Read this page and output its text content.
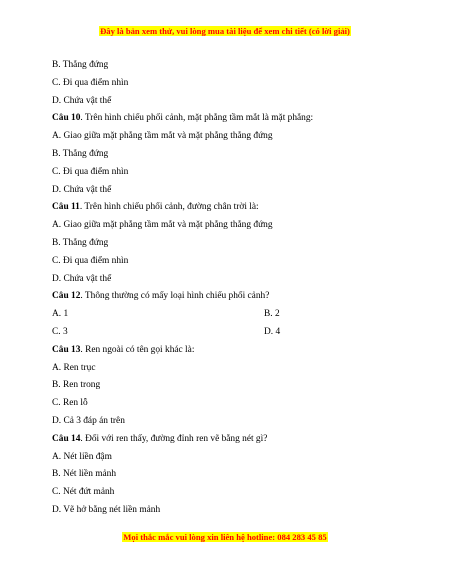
Đây là bản xem thử, vui lòng mua tài liệu để xem chi tiết (có lời giải)
B. Thẳng đứng
C. Đi qua điểm nhìn
D. Chứa vật thể
Câu 10. Trên hình chiếu phối cảnh, mặt phẳng tầm mắt là mặt phẳng:
A. Giao giữa mặt phẳng tầm mắt và mặt phẳng thẳng đứng
B. Thẳng đứng
C. Đi qua điểm nhìn
D. Chứa vật thể
Câu 11. Trên hình chiếu phối cảnh, đường chân trời là:
A. Giao giữa mặt phẳng tầm mắt và mặt phẳng thẳng đứng
B. Thẳng đứng
C. Đi qua điểm nhìn
D. Chứa vật thể
Câu 12. Thông thường có mấy loại hình chiếu phối cảnh?
A. 1	B. 2
C. 3	D. 4
Câu 13. Ren ngoài có tên gọi khác là:
A. Ren trục
B. Ren trong
C. Ren lỗ
D. Cả 3 đáp án trên
Câu 14. Đối với ren thấy, đường đỉnh ren vẽ bằng nét gì?
A. Nét liền đậm
B. Nét liền mảnh
C. Nét đứt mảnh
D. Vẽ hở bằng nét liền mảnh
Mọi thắc mắc vui lòng xin liên hệ hotline: 084 283 45 85
